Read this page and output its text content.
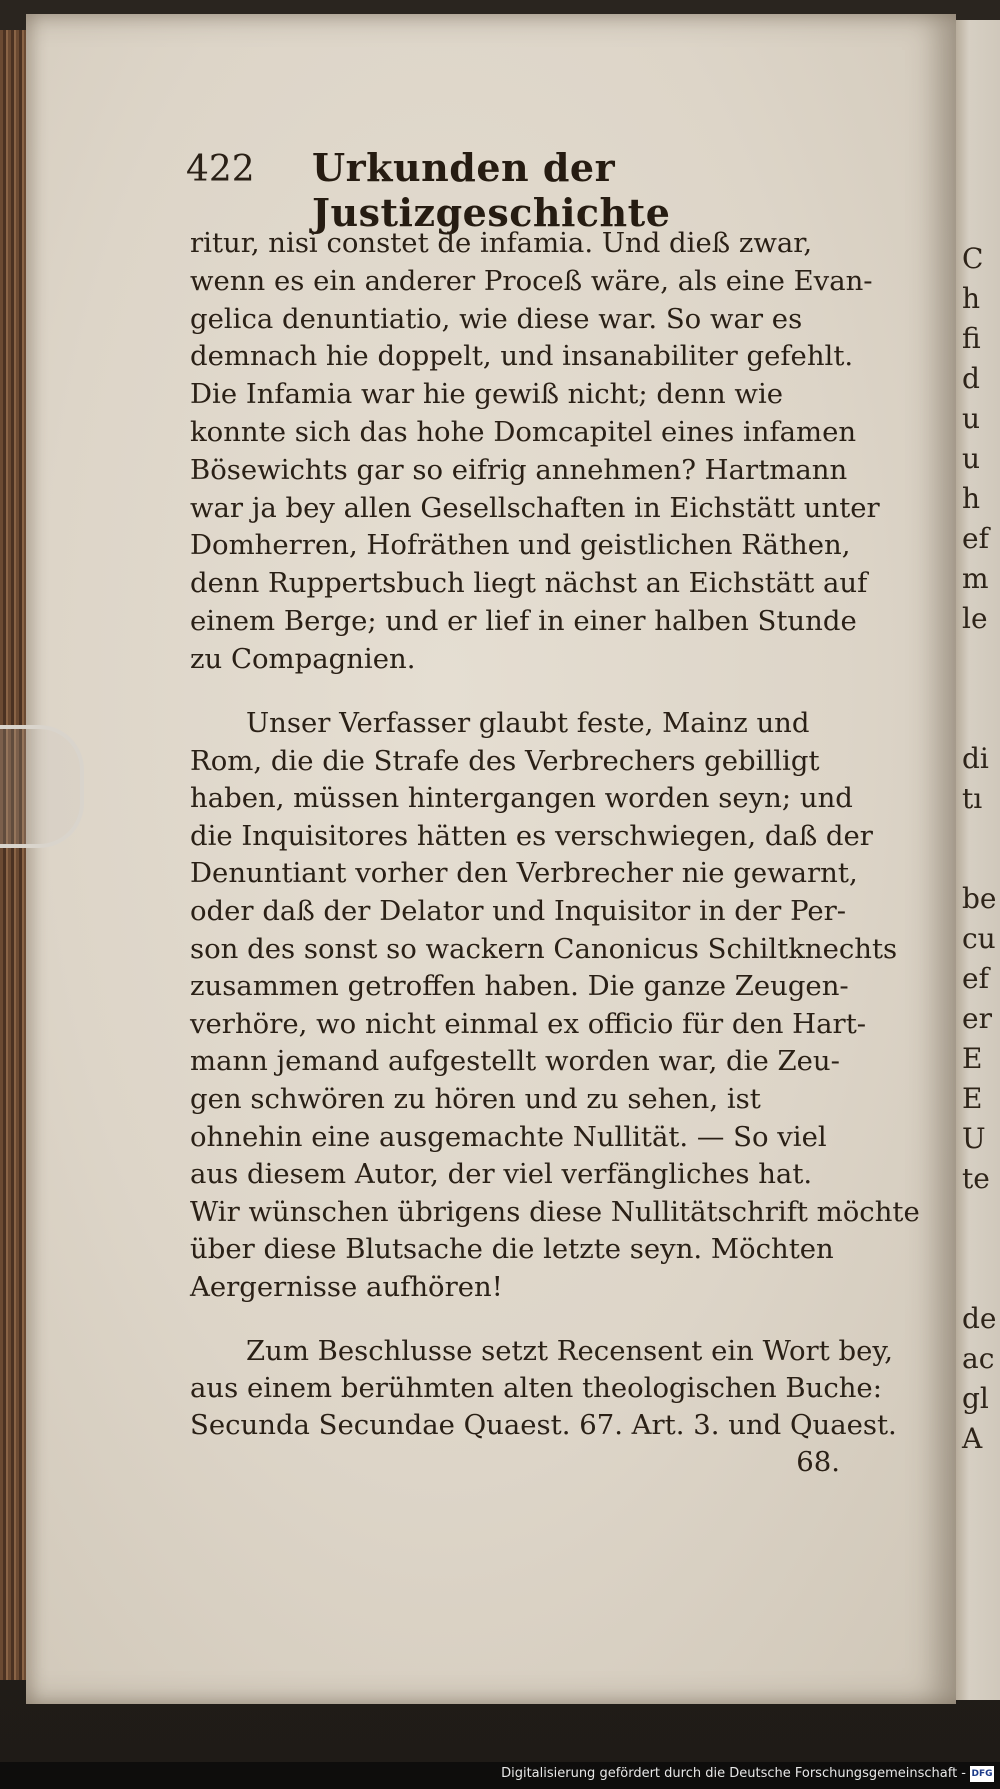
C
h
fi
d
u
u
h
ef
m
le
di
tı
be
cu
ef
er
E
E
U
te
de
ac
gl
A
422 Urkunden der Justizgeschichte
ritur, nisi constet de infamia. Und dieß zwar,
wenn es ein anderer Proceß wäre, als eine Evan-
gelica denuntiatio, wie diese war. So war es
demnach hie doppelt, und insanabiliter gefehlt.
Die Infamia war hie gewiß nicht; denn wie
konnte sich das hohe Domcapitel eines infamen
Bösewichts gar so eifrig annehmen? Hartmann
war ja bey allen Gesellschaften in Eichstätt unter
Domherren, Hofräthen und geistlichen Räthen,
denn Ruppertsbuch liegt nächst an Eichstätt auf
einem Berge; und er lief in einer halben Stunde
zu Compagnien.
Unser Verfasser glaubt feste, Mainz und
Rom, die die Strafe des Verbrechers gebilligt
haben, müssen hintergangen worden seyn; und
die Inquisitores hätten es verschwiegen, daß der
Denuntiant vorher den Verbrecher nie gewarnt,
oder daß der Delator und Inquisitor in der Per-
son des sonst so wackern Canonicus Schiltknechts
zusammen getroffen haben. Die ganze Zeugen-
verhöre, wo nicht einmal ex officio für den Hart-
mann jemand aufgestellt worden war, die Zeu-
gen schwören zu hören und zu sehen, ist
ohnehin eine ausgemachte Nullität. — So viel
aus diesem Autor, der viel verfängliches hat.
Wir wünschen übrigens diese Nullitätschrift möchte
über diese Blutsache die letzte seyn. Möchten
Aergernisse aufhören!
Zum Beschlusse setzt Recensent ein Wort bey,
aus einem berühmten alten theologischen Buche:
Secunda Secundae Quaest. 67. Art. 3. und Quaest.
68.
Digitalisierung gefördert durch die Deutsche Forschungsgemeinschaft - DFG
